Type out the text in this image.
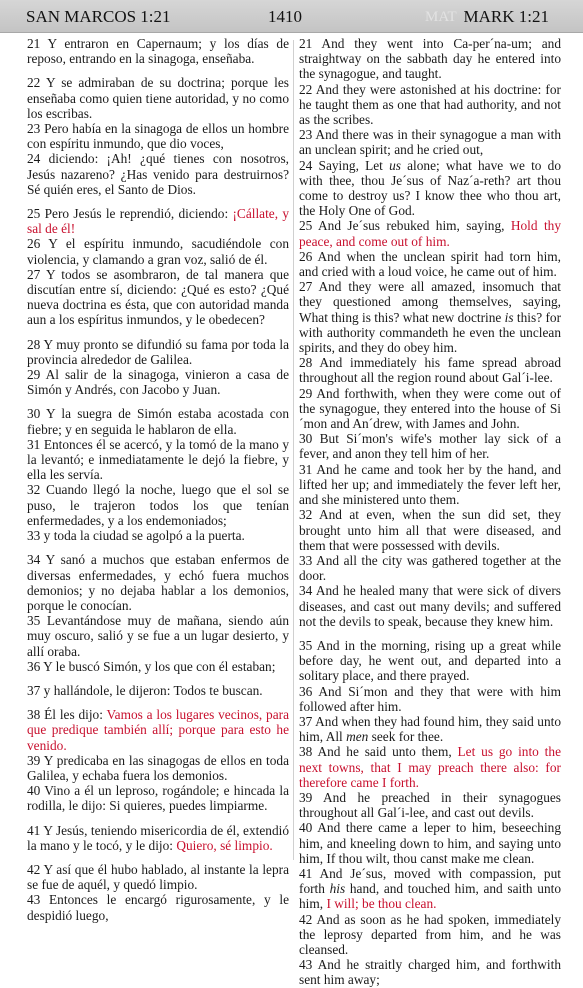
SAN MARCOS 1:21	1410	MAT MARK 1:21

21 Y entraron en Capernaum; y los días de reposo, entrando en la sinagoga, enseñaba.

22 Y se admiraban de su doctrina; porque les enseñaba como quien tiene autoridad, y no como los escribas.

23 Pero había en la sinagoga de ellos un hombre con espíritu inmundo, que dio voces,

24 diciendo: ¡Ah! ¿qué tienes con nosotros, Jesús nazareno? ¿Has venido para destruirnos? Sé quién eres, el Santo de Dios.

25 Pero Jesús le reprendió, diciendo: ¡Cállate, y sal de él!

26 Y el espíritu inmundo, sacudiéndole con violencia, y clamando a gran voz, salió de él.

27 Y todos se asombraron, de tal manera que discutían entre sí, diciendo: ¿Qué es esto? ¿Qué nueva doctrina es ésta, que con autoridad manda aun a los espíritus inmundos, y le obedecen?

28 Y muy pronto se difundió su fama por toda la provincia alrededor de Galilea.

29 Al salir de la sinagoga, vinieron a casa de Simón y Andrés, con Jacobo y Juan.

30 Y la suegra de Simón estaba acostada con fiebre; y en seguida le hablaron de ella.

31 Entonces él se acercó, y la tomó de la mano y la levantó; e inmediatamente le dejó la fiebre, y ella les servía.

32 Cuando llegó la noche, luego que el sol se puso, le trajeron todos los que tenían enfermedades, y a los endemoniados;

33 y toda la ciudad se agolpó a la puerta.

34 Y sanó a muchos que estaban enfermos de diversas enfermedades, y echó fuera muchos demonios; y no dejaba hablar a los demonios, porque le conocían.

35 Levantándose muy de mañana, siendo aún muy oscuro, salió y se fue a un lugar desierto, y allí oraba.

36 Y le buscó Simón, y los que con él estaban;

37 y hallándole, le dijeron: Todos te buscan.

38 Él les dijo: Vamos a los lugares vecinos, para que predique también allí; porque para esto he venido.

39 Y predicaba en las sinagogas de ellos en toda Galilea, y echaba fuera los demonios.

40 Vino a él un leproso, rogándole; e hincada la rodilla, le dijo: Si quieres, puedes limpiarme.

41 Y Jesús, teniendo misericordia de él, extendió la mano y le tocó, y le dijo: Quiero, sé limpio.

42 Y así que él hubo hablado, al instante la lepra se fue de aquél, y quedó limpio.

43 Entonces le encargó rigurosamente, y le despidió luego,

21 And they went into Ca-per´na-um; and straightway on the sabbath day he entered into the synagogue, and taught.

22 And they were astonished at his doctrine: for he taught them as one that had authority, and not as the scribes.

23 And there was in their synagogue a man with an unclean spirit; and he cried out,

24 Saying, Let us alone; what have we to do with thee, thou Je´sus of Naz´a-reth? art thou come to destroy us? I know thee who thou art, the Holy One of God.

25 And Je´sus rebuked him, saying, Hold thy peace, and come out of him.

26 And when the unclean spirit had torn him, and cried with a loud voice, he came out of him.

27 And they were all amazed, insomuch that they questioned among themselves, saying, What thing is this? what new doctrine is this? for with authority commandeth he even the unclean spirits, and they do obey him.

28 And immediately his fame spread abroad throughout all the region round about Gal´i-lee.

29 And forthwith, when they were come out of the synagogue, they entered into the house of Si´mon and An´drew, with James and John.

30 But Si´mon's wife's mother lay sick of a fever, and anon they tell him of her.

31 And he came and took her by the hand, and lifted her up; and immediately the fever left her, and she ministered unto them.

32 And at even, when the sun did set, they brought unto him all that were diseased, and them that were possessed with devils.

33 And all the city was gathered together at the door.

34 And he healed many that were sick of divers diseases, and cast out many devils; and suffered not the devils to speak, because they knew him.

35 And in the morning, rising up a great while before day, he went out, and departed into a solitary place, and there prayed.

36 And Si´mon and they that were with him followed after him.

37 And when they had found him, they said unto him, All men seek for thee.

38 And he said unto them, Let us go into the next towns, that I may preach there also: for therefore came I forth.

39 And he preached in their synagogues throughout all Gal´i-lee, and cast out devils.

40 And there came a leper to him, beseeching him, and kneeling down to him, and saying unto him, If thou wilt, thou canst make me clean.

41 And Je´sus, moved with compassion, put forth his hand, and touched him, and saith unto him, I will; be thou clean.

42 And as soon as he had spoken, immediately the leprosy departed from him, and he was cleansed.

43 And he straitly charged him, and forthwith sent him away;
